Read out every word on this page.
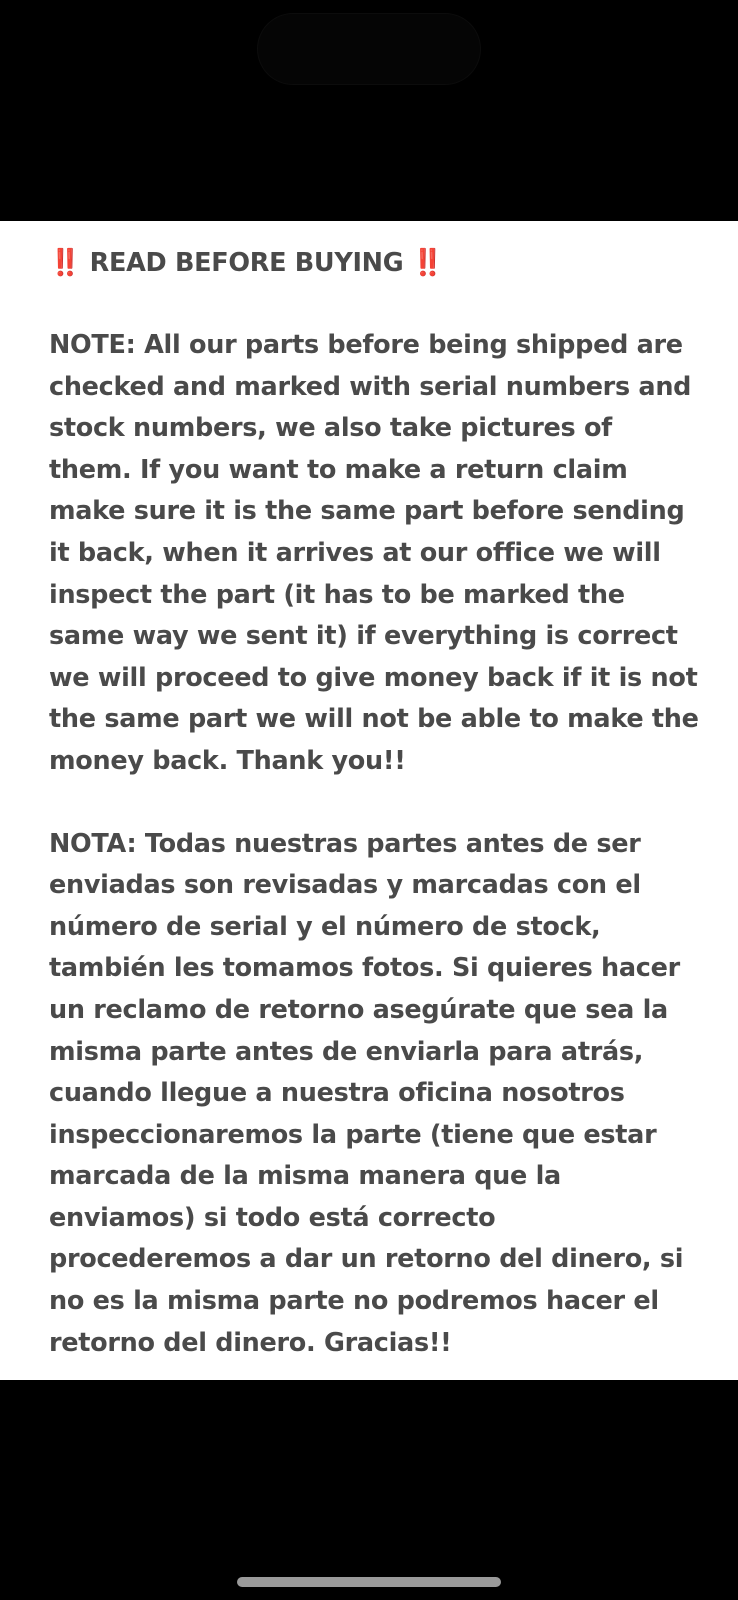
‼️ READ BEFORE BUYING ‼️

NOTE: All our parts before being shipped are
checked and marked with serial numbers and
stock numbers, we also take pictures of
them. If you want to make a return claim
make sure it is the same part before sending
it back, when it arrives at our office we will
inspect the part (it has to be marked the
same way we sent it) if everything is correct
we will proceed to give money back if it is not
the same part we will not be able to make the
money back. Thank you!!

NOTA: Todas nuestras partes antes de ser
enviadas son revisadas y marcadas con el
número de serial y el número de stock,
también les tomamos fotos. Si quieres hacer
un reclamo de retorno asegúrate que sea la
misma parte antes de enviarla para atrás,
cuando llegue a nuestra oficina nosotros
inspeccionaremos la parte (tiene que estar
marcada de la misma manera que la
enviamos) si todo está correcto
procederemos a dar un retorno del dinero, si
no es la misma parte no podremos hacer el
retorno del dinero. Gracias!!
